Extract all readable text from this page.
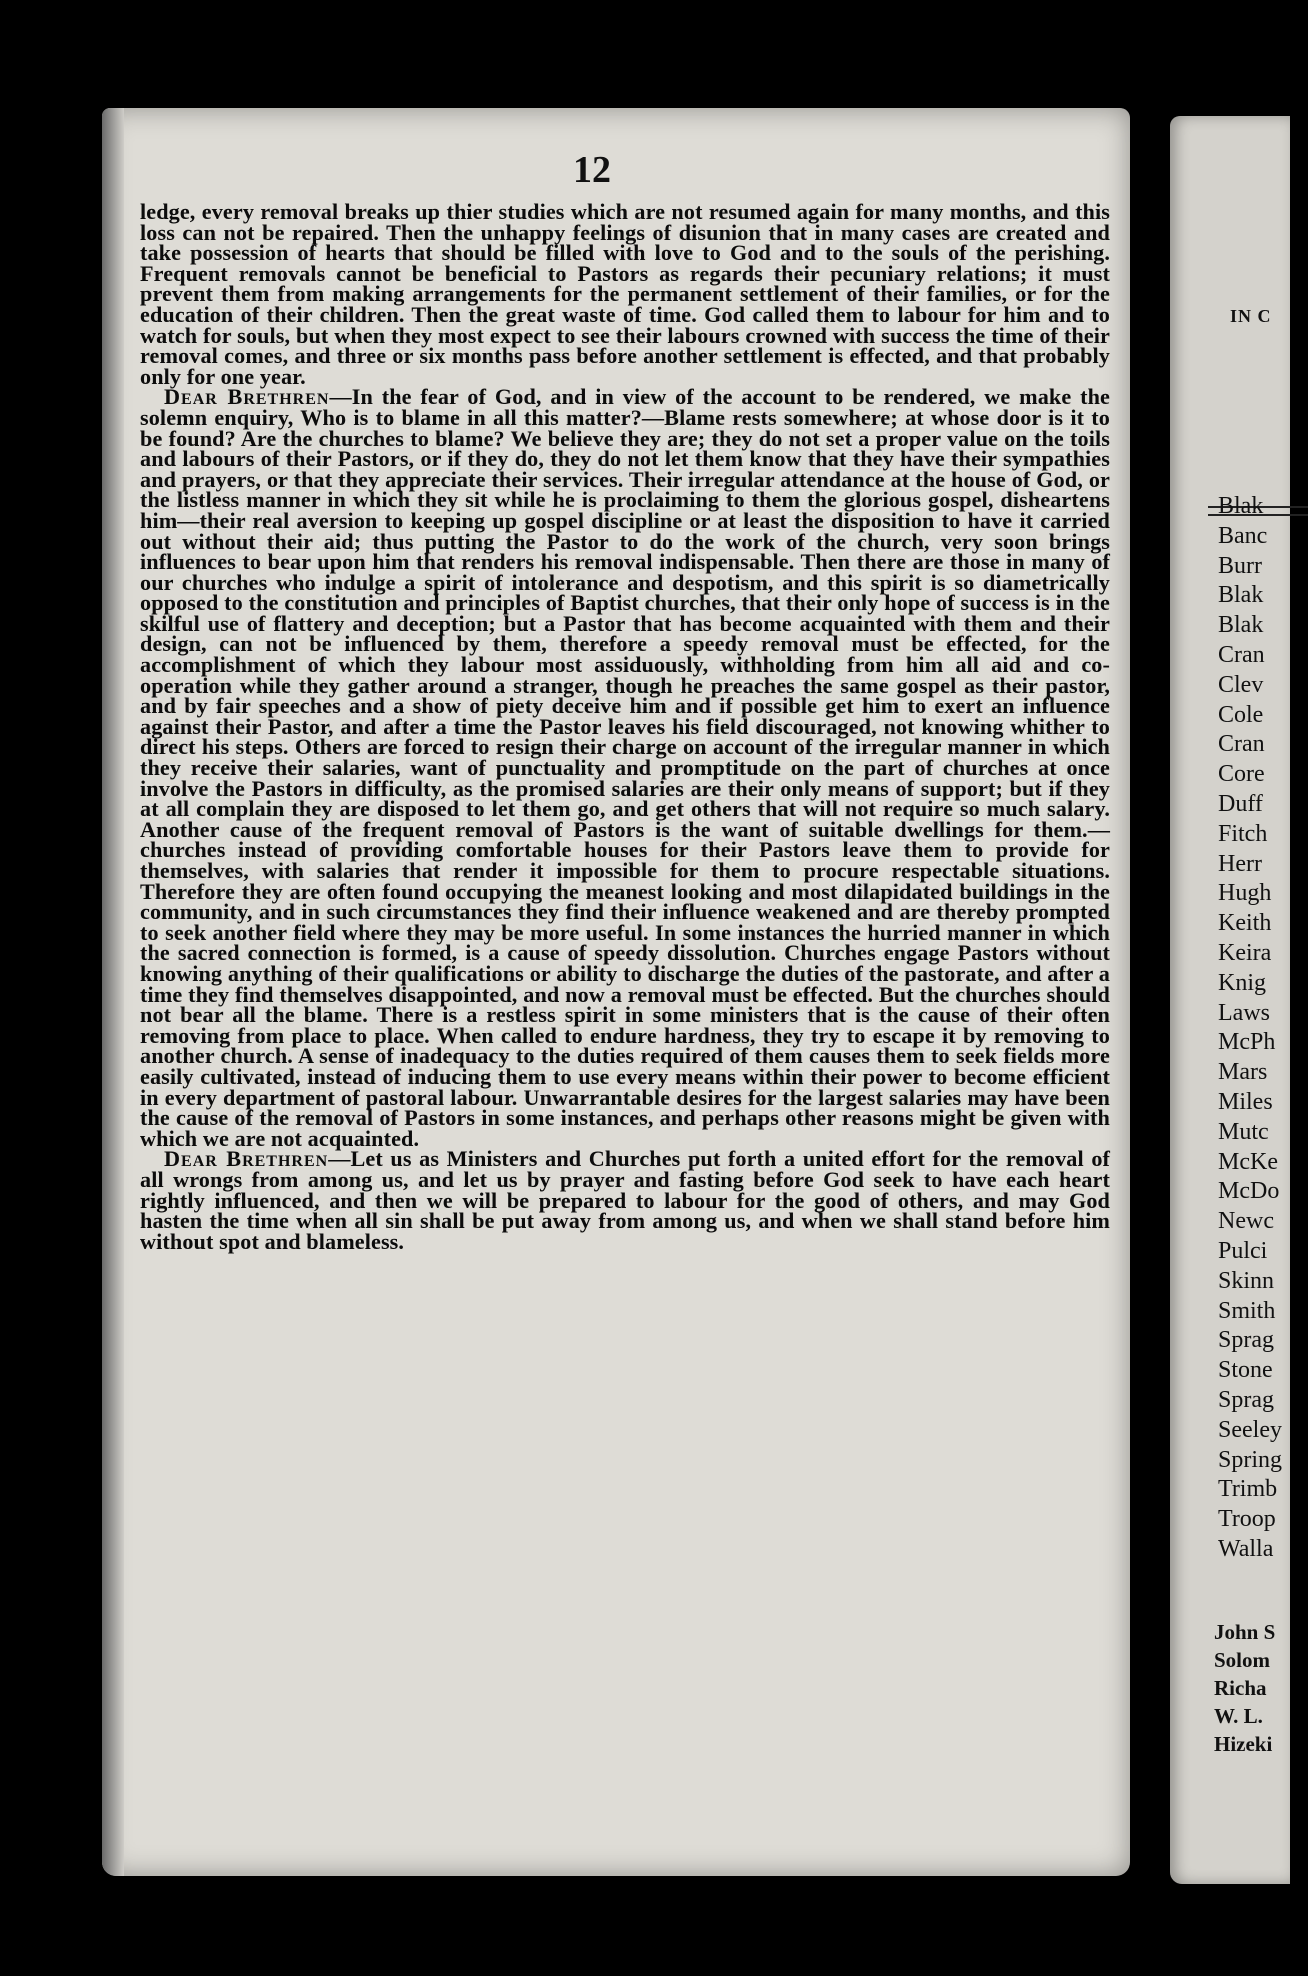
12

ledge, every removal breaks up thier studies which are not resumed again for many months, and this loss can not be repaired. Then the unhappy feelings of disunion that in many cases are created and take possession of hearts that should be filled with love to God and to the souls of the perishing. Frequent removals cannot be beneficial to Pastors as regards their pecuniary relations; it must prevent them from making arrangements for the permanent settlement of their families, or for the education of their children. Then the great waste of time. God called them to labour for him and to watch for souls, but when they most expect to see their labours crowned with success the time of their removal comes, and three or six months pass before another settlement is effected, and that probably only for one year.

Dear Brethren—In the fear of God, and in view of the account to be rendered, we make the solemn enquiry, Who is to blame in all this matter?—Blame rests somewhere; at whose door is it to be found? Are the churches to blame? We believe they are; they do not set a proper value on the toils and labours of their Pastors, or if they do, they do not let them know that they have their sympathies and prayers, or that they appreciate their services. Their irregular attendance at the house of God, or the listless manner in which they sit while he is proclaiming to them the glorious gospel, disheartens him—their real aversion to keeping up gospel discipline or at least the disposition to have it carried out without their aid; thus putting the Pastor to do the work of the church, very soon brings influences to bear upon him that renders his removal indispensable. Then there are those in many of our churches who indulge a spirit of intolerance and despotism, and this spirit is so diametrically opposed to the constitution and principles of Baptist churches, that their only hope of success is in the skilful use of flattery and deception; but a Pastor that has become acquainted with them and their design, can not be influenced by them, therefore a speedy removal must be effected, for the accomplishment of which they labour most assiduously, withholding from him all aid and co-operation while they gather around a stranger, though he preaches the same gospel as their pastor, and by fair speeches and a show of piety deceive him and if possible get him to exert an influence against their Pastor, and after a time the Pastor leaves his field discouraged, not knowing whither to direct his steps. Others are forced to resign their charge on account of the irregular manner in which they receive their salaries, want of punctuality and promptitude on the part of churches at once involve the Pastors in difficulty, as the promised salaries are their only means of support; but if they at all complain they are disposed to let them go, and get others that will not require so much salary. Another cause of the frequent removal of Pastors is the want of suitable dwellings for them.—churches instead of providing comfortable houses for their Pastors leave them to provide for themselves, with salaries that render it impossible for them to procure respectable situations. Therefore they are often found occupying the meanest looking and most dilapidated buildings in the community, and in such circumstances they find their influence weakened and are thereby prompted to seek another field where they may be more useful. In some instances the hurried manner in which the sacred connection is formed, is a cause of speedy dissolution. Churches engage Pastors without knowing anything of their qualifications or ability to discharge the duties of the pastorate, and after a time they find themselves disappointed, and now a removal must be effected. But the churches should not bear all the blame. There is a restless spirit in some ministers that is the cause of their often removing from place to place. When called to endure hardness, they try to escape it by removing to another church. A sense of inadequacy to the duties required of them causes them to seek fields more easily cultivated, instead of inducing them to use every means within their power to become efficient in every department of pastoral labour. Unwarrantable desires for the largest salaries may have been the cause of the removal of Pastors in some instances, and perhaps other reasons might be given with which we are not acquainted.

Dear Brethren—Let us as Ministers and Churches put forth a united effort for the removal of all wrongs from among us, and let us by prayer and fasting before God seek to have each heart rightly influenced, and then we will be prepared to labour for the good of others, and may God hasten the time when all sin shall be put away from among us, and when we shall stand before him without spot and blameless.

IN C
Blak
Banc
Burr
Blak
Blak
Cran
Clev
Cole
Cran
Core
Duff
Fitch
Herr
Hugh
Keith
Keira
Knig
Laws
McPh
Mars
Miles
Mutc
McKe
McDo
Newc
Pulci
Skinn
Smith
Sprag
Stone
Sprag
Seeley
Spring
Trimb
Troop
Walla
John S
Solom
Richa
W. L.
Hizeki
